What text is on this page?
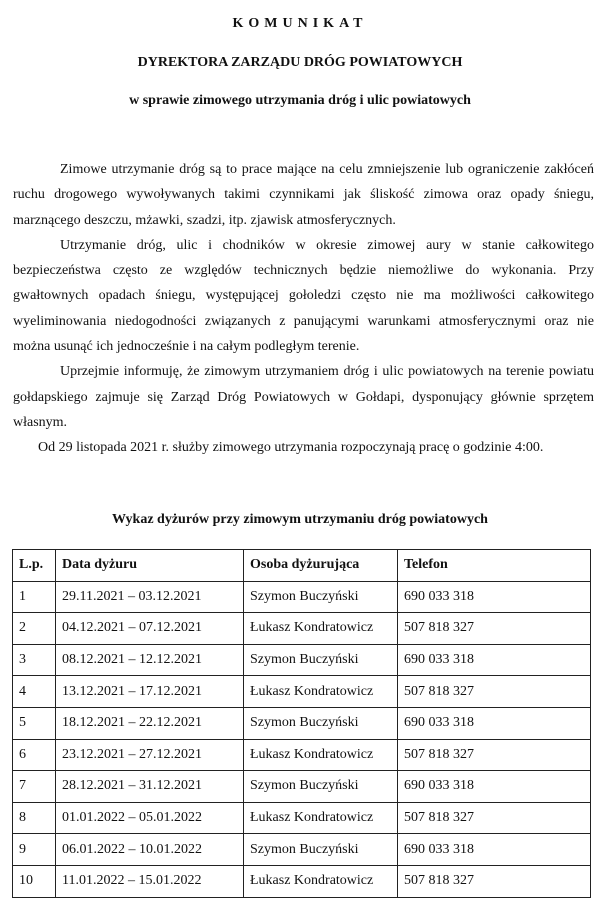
KOMUNIKAT
DYREKTORA ZARZĄDU DRÓG POWIATOWYCH
w sprawie zimowego utrzymania dróg i ulic powiatowych

Zimowe utrzymanie dróg są to prace mające na celu zmniejszenie lub ograniczenie zakłóceń ruchu drogowego wywoływanych takimi czynnikami jak śliskość zimowa oraz opady śniegu, marznącego deszczu, mżawki, szadzi, itp. zjawisk atmosferycznych.

Utrzymanie dróg, ulic i chodników w okresie zimowej aury w stanie całkowitego bezpieczeństwa często ze względów technicznych będzie niemożliwe do wykonania. Przy gwałtownych opadach śniegu, występującej gołoledzi często nie ma możliwości całkowitego wyeliminowania niedogodności związanych z panującymi warunkami atmosferycznymi oraz nie można usunąć ich jednocześnie i na całym podległym terenie.

Uprzejmie informuję, że zimowym utrzymaniem dróg i ulic powiatowych na terenie powiatu gołdapskiego zajmuje się Zarząd Dróg Powiatowych w Gołdapi, dysponujący głównie sprzętem własnym.

Od 29 listopada 2021 r. służby zimowego utrzymania rozpoczynają pracę o godzinie 4:00.

Wykaz dyżurów przy zimowym utrzymaniu dróg powiatowych
L.p.	Data dyżuru	Osoba dyżurująca	Telefon
1	29.11.2021 – 03.12.2021	Szymon Buczyński	690 033 318
2	04.12.2021 – 07.12.2021	Łukasz Kondratowicz	507 818 327
3	08.12.2021 – 12.12.2021	Szymon Buczyński	690 033 318
4	13.12.2021 – 17.12.2021	Łukasz Kondratowicz	507 818 327
5	18.12.2021 – 22.12.2021	Szymon Buczyński	690 033 318
6	23.12.2021 – 27.12.2021	Łukasz Kondratowicz	507 818 327
7	28.12.2021 – 31.12.2021	Szymon Buczyński	690 033 318
8	01.01.2022 – 05.01.2022	Łukasz Kondratowicz	507 818 327
9	06.01.2022 – 10.01.2022	Szymon Buczyński	690 033 318
10	11.01.2022 – 15.01.2022	Łukasz Kondratowicz	507 818 327
